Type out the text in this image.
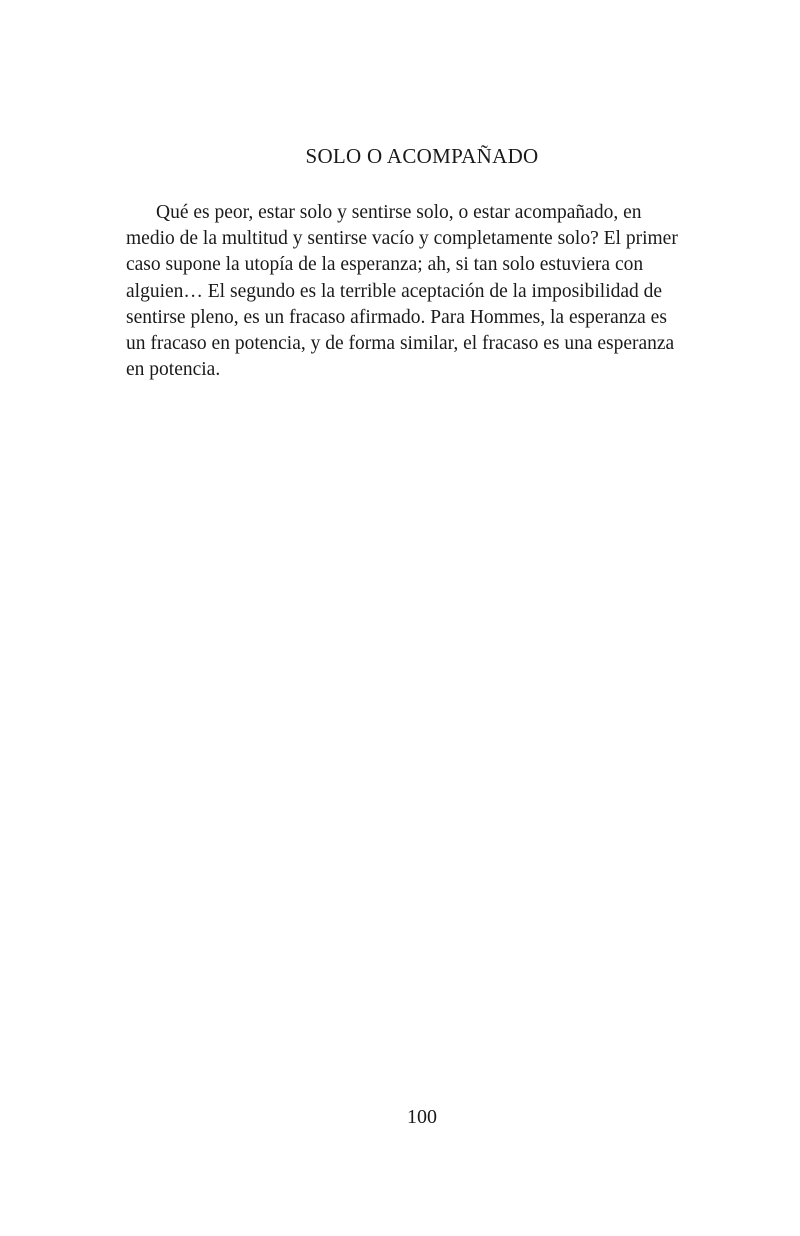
SOLO O ACOMPAÑADO
Qué es peor, estar solo y sentirse solo, o estar acompañado, en
medio de la multitud y sentirse vacío y completamente solo? El primer
caso supone la utopía de la esperanza; ah, si tan solo estuviera con
alguien… El segundo es la terrible aceptación de la imposibilidad de
sentirse pleno, es un fracaso afirmado. Para Hommes, la esperanza es
un fracaso en potencia, y de forma similar, el fracaso es una esperanza
en potencia.
100
